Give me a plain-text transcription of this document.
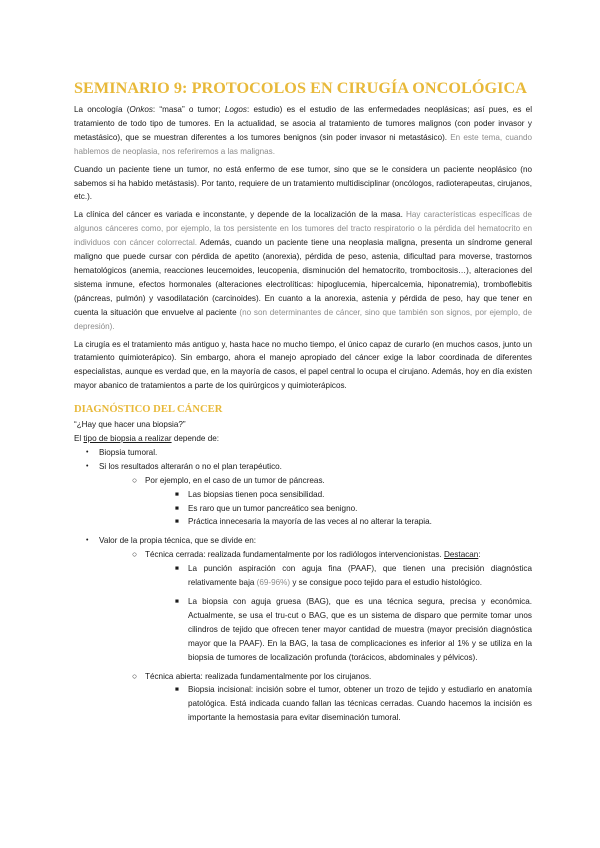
SEMINARIO 9: PROTOCOLOS EN CIRUGÍA ONCOLÓGICA

La oncología (Onkos: “masa” o tumor; Logos: estudio) es el estudio de las enfermedades neoplásicas; así pues, es el tratamiento de todo tipo de tumores. En la actualidad, se asocia al tratamiento de tumores malignos (con poder invasor y metastásico), que se muestran diferentes a los tumores benignos (sin poder invasor ni metastásico). En este tema, cuando hablemos de neoplasia, nos referiremos a las malignas.

Cuando un paciente tiene un tumor, no está enfermo de ese tumor, sino que se le considera un paciente neoplásico (no sabemos si ha habido metástasis). Por tanto, requiere de un tratamiento multidisciplinar (oncólogos, radioterapeutas, cirujanos, etc.).

La clínica del cáncer es variada e inconstante, y depende de la localización de la masa. Hay características específicas de algunos cánceres como, por ejemplo, la tos persistente en los tumores del tracto respiratorio o la pérdida del hematocrito en individuos con cáncer colorrectal. Además, cuando un paciente tiene una neoplasia maligna, presenta un síndrome general maligno que puede cursar con pérdida de apetito (anorexia), pérdida de peso, astenia, dificultad para moverse, trastornos hematológicos (anemia, reacciones leucemoides, leucopenia, disminución del hematocrito, trombocitosis…), alteraciones del sistema inmune, efectos hormonales (alteraciones electrolíticas: hipoglucemia, hipercalcemia, hiponatremia), tromboflebitis (páncreas, pulmón) y vasodilatación (carcinoides). En cuanto a la anorexia, astenia y pérdida de peso, hay que tener en cuenta la situación que envuelve al paciente (no son determinantes de cáncer, sino que también son signos, por ejemplo, de depresión).

La cirugía es el tratamiento más antiguo y, hasta hace no mucho tiempo, el único capaz de curarlo (en muchos casos, junto un tratamiento quimioterápico). Sin embargo, ahora el manejo apropiado del cáncer exige la labor coordinada de diferentes especialistas, aunque es verdad que, en la mayoría de casos, el papel central lo ocupa el cirujano. Además, hoy en día existen mayor abanico de tratamientos a parte de los quirúrgicos y quimioterápicos.

DIAGNÓSTICO DEL CÁNCER
“¿Hay que hacer una biopsia?”
El tipo de biopsia a realizar depende de:
• Biopsia tumoral.
• Si los resultados alterarán o no el plan terapéutico.
○ Por ejemplo, en el caso de un tumor de páncreas.
■ Las biopsias tienen poca sensibilidad.
■ Es raro que un tumor pancreático sea benigno.
■ Práctica innecesaria la mayoría de las veces al no alterar la terapia.
• Valor de la propia técnica, que se divide en:
○ Técnica cerrada: realizada fundamentalmente por los radiólogos intervencionistas. Destacan:
■ La punción aspiración con aguja fina (PAAF), que tienen una precisión diagnóstica relativamente baja (69-96%) y se consigue poco tejido para el estudio histológico.
■ La biopsia con aguja gruesa (BAG), que es una técnica segura, precisa y económica. Actualmente, se usa el tru-cut o BAG, que es un sistema de disparo que permite tomar unos cilindros de tejido que ofrecen tener mayor cantidad de muestra (mayor precisión diagnóstica mayor que la PAAF). En la BAG, la tasa de complicaciones es inferior al 1% y se utiliza en la biopsia de tumores de localización profunda (torácicos, abdominales y pélvicos).
○ Técnica abierta: realizada fundamentalmente por los cirujanos.
■ Biopsia incisional: incisión sobre el tumor, obtener un trozo de tejido y estudiarlo en anatomía patológica. Está indicada cuando fallan las técnicas cerradas. Cuando hacemos la incisión es importante la hemostasia para evitar diseminación tumoral.
